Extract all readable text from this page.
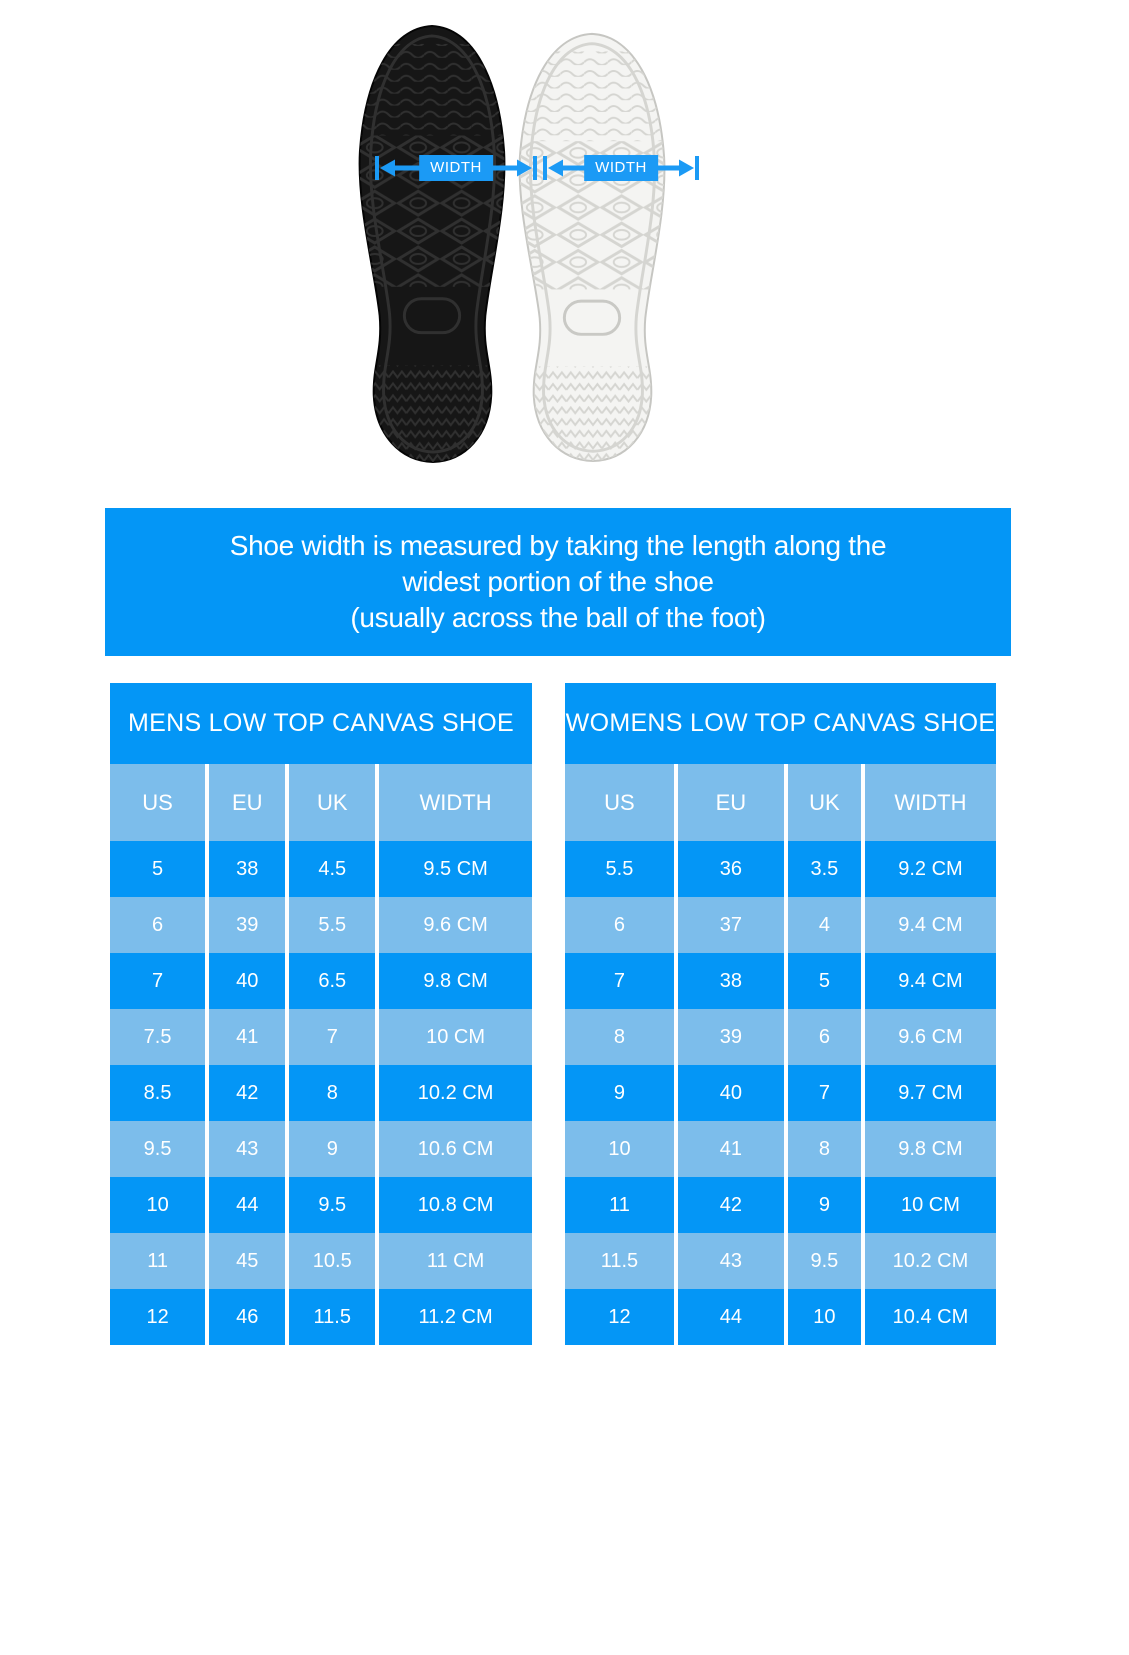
WIDTH	WIDTH
Shoe width is measured by taking the length along the
widest portion of the shoe
(usually across the ball of the foot)
MENS LOW TOP CANVAS SHOE
US	EU	UK	WIDTH
5	38	4.5	9.5 CM
6	39	5.5	9.6 CM
7	40	6.5	9.8 CM
7.5	41	7	10 CM
8.5	42	8	10.2 CM
9.5	43	9	10.6 CM
10	44	9.5	10.8 CM
11	45	10.5	11 CM
12	46	11.5	11.2 CM
WOMENS LOW TOP CANVAS SHOE
US	EU	UK	WIDTH
5.5	36	3.5	9.2 CM
6	37	4	9.4 CM
7	38	5	9.4 CM
8	39	6	9.6 CM
9	40	7	9.7 CM
10	41	8	9.8 CM
11	42	9	10 CM
11.5	43	9.5	10.2 CM
12	44	10	10.4 CM
